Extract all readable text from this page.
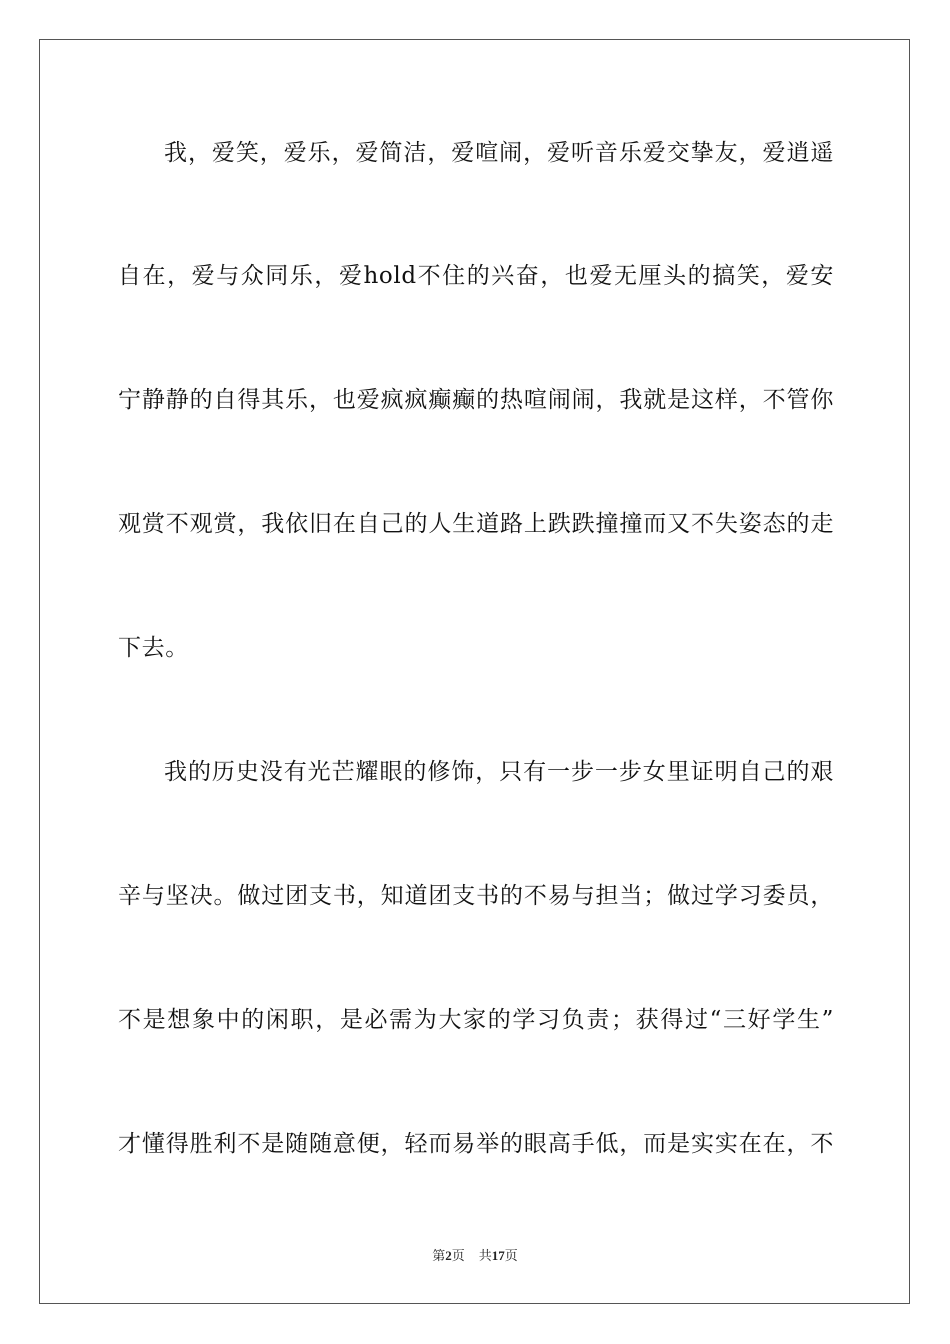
我，爱笑，爱乐，爱简洁，爱喧闹，爱听音乐爱交挚友，爱逍遥
自在，爱与众同乐，爱hold不住的兴奋，也爱无厘头的搞笑，爱安
宁静静的自得其乐，也爱疯疯癫癫的热喧闹闹，我就是这样，不管你
观赏不观赏，我依旧在自己的人生道路上跌跌撞撞而又不失姿态的走
下去。
我的历史没有光芒耀眼的修饰，只有一步一步女里证明自己的艰
辛与坚决。做过团支书，知道团支书的不易与担当；做过学习委员，
不是想象中的闲职，是必需为大家的学习负责；获得过“三好学生”
才懂得胜利不是随随意便，轻而易举的眼高手低，而是实实在在，不
第2页 共17页
